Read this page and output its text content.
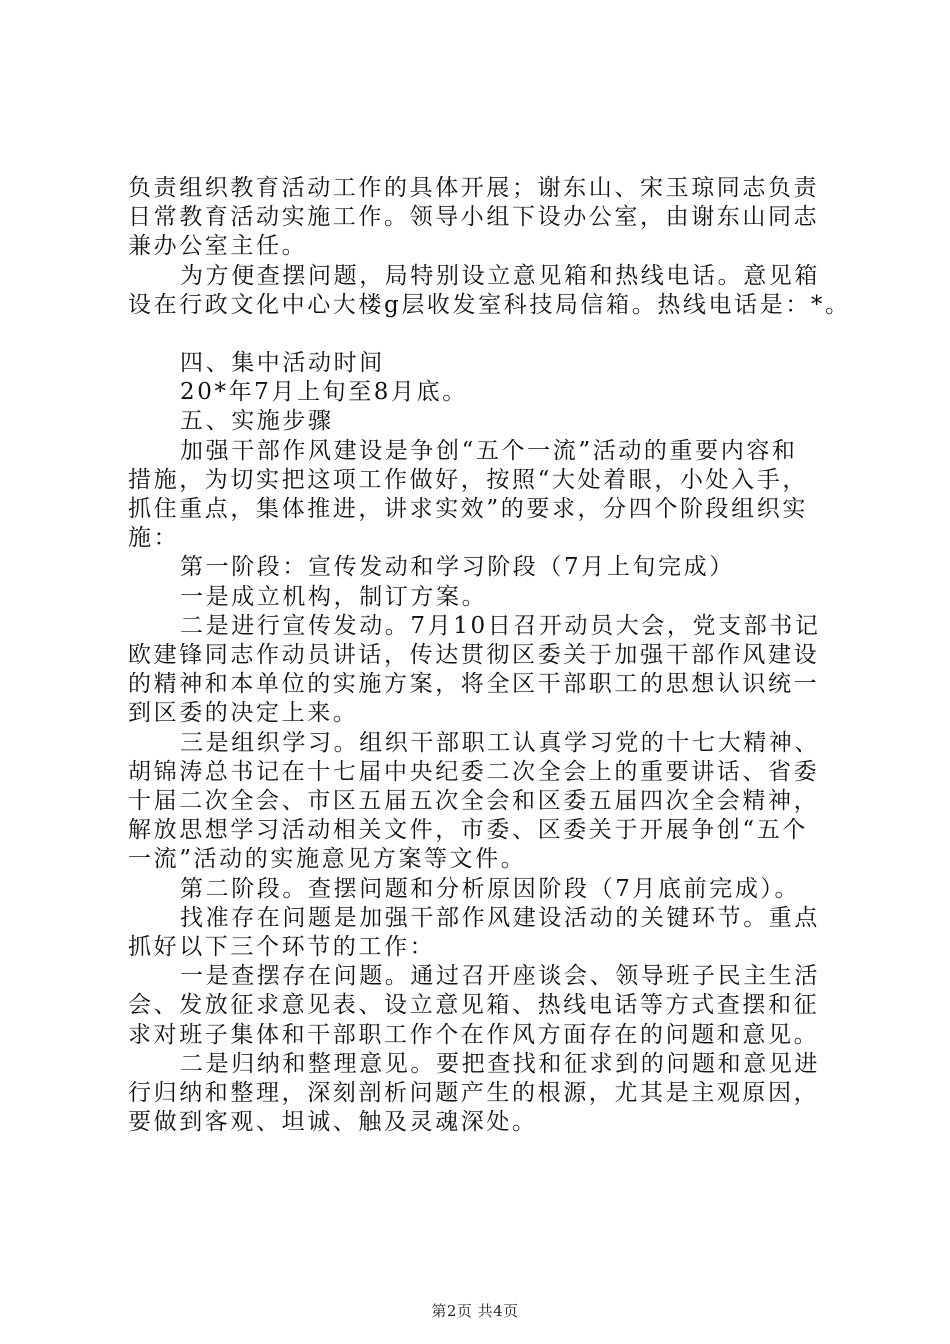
负责组织教育活动工作的具体开展；谢东山、宋玉琼同志负责
日常教育活动实施工作。领导小组下设办公室，由谢东山同志
兼办公室主任。
为方便查摆问题，局特别设立意见箱和热线电话。意见箱
设在行政文化中心大楼g层收发室科技局信箱。热线电话是：*。
四、集中活动时间
20*年7月上旬至8月底。
五、实施步骤
加强干部作风建设是争创“五个一流”活动的重要内容和
措施，为切实把这项工作做好，按照“大处着眼，小处入手，
抓住重点，集体推进，讲求实效”的要求，分四个阶段组织实
施：
第一阶段：宣传发动和学习阶段（7月上旬完成）
一是成立机构，制订方案。
二是进行宣传发动。7月10日召开动员大会，党支部书记
欧建锋同志作动员讲话，传达贯彻区委关于加强干部作风建设
的精神和本单位的实施方案，将全区干部职工的思想认识统一
到区委的决定上来。
三是组织学习。组织干部职工认真学习党的十七大精神、
胡锦涛总书记在十七届中央纪委二次全会上的重要讲话、省委
十届二次全会、市区五届五次全会和区委五届四次全会精神，
解放思想学习活动相关文件，市委、区委关于开展争创“五个
一流”活动的实施意见方案等文件。
第二阶段。查摆问题和分析原因阶段（7月底前完成）。
找准存在问题是加强干部作风建设活动的关键环节。重点
抓好以下三个环节的工作：
一是查摆存在问题。通过召开座谈会、领导班子民主生活
会、发放征求意见表、设立意见箱、热线电话等方式查摆和征
求对班子集体和干部职工作个在作风方面存在的问题和意见。
二是归纳和整理意见。要把查找和征求到的问题和意见进
行归纳和整理，深刻剖析问题产生的根源，尤其是主观原因，
要做到客观、坦诚、触及灵魂深处。
第2页 共4页
